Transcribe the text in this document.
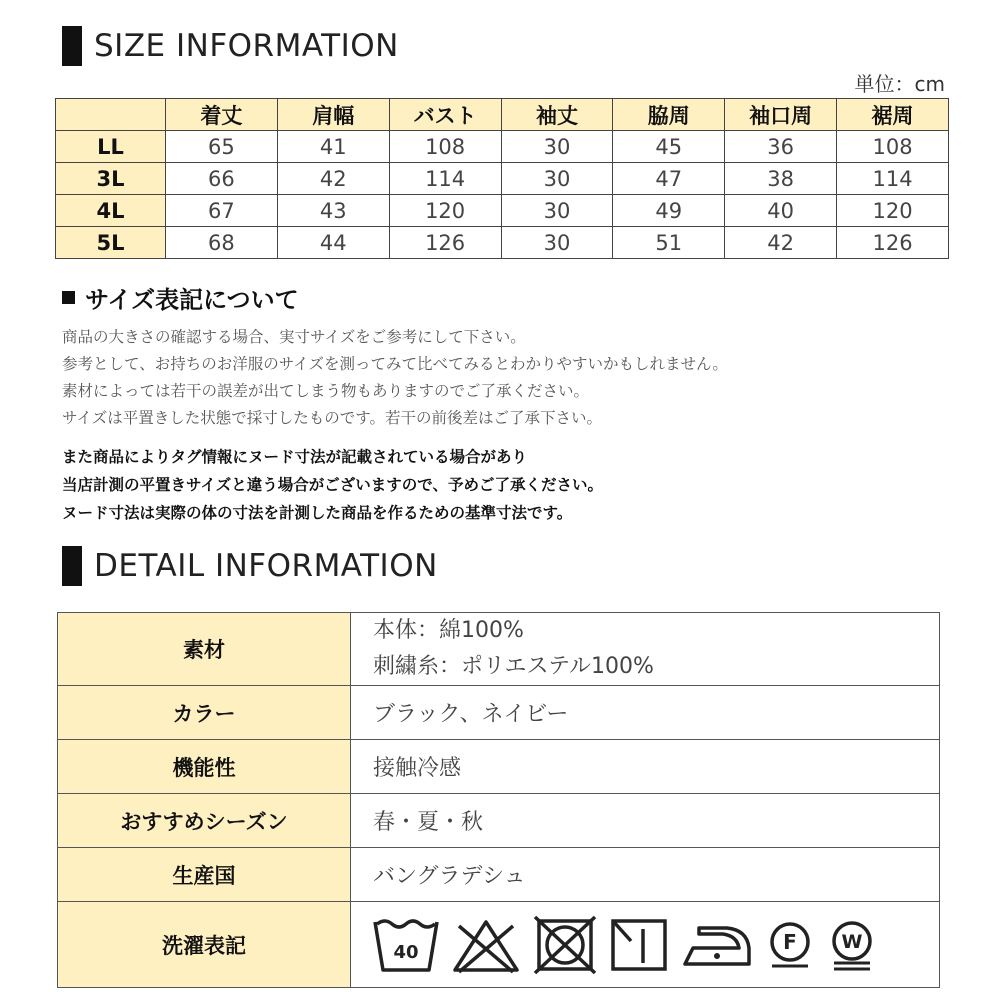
SIZE INFORMATION
単位：cm
	着丈	肩幅	バスト	袖丈	脇周	袖口周	裾周
LL	65	41	108	30	45	36	108
3L	66	42	114	30	47	38	114
4L	67	43	120	30	49	40	120
5L	68	44	126	30	51	42	126
サイズ表記について
商品の大きさの確認する場合、実寸サイズをご参考にして下さい。
参考として、お持ちのお洋服のサイズを測ってみて比べてみるとわかりやすいかもしれません。
素材によっては若干の誤差が出てしまう物もありますのでご了承ください。
サイズは平置きした状態で採寸したものです。若干の前後差はご了承下さい。
また商品によりタグ情報にヌード寸法が記載されている場合があり
当店計測の平置きサイズと違う場合がございますので、予めご了承ください。
ヌード寸法は実際の体の寸法を計測した商品を作るための基準寸法です。
DETAIL INFORMATION
素材	本体：綿100%
刺繍糸：ポリエステル100%

カラー	ブラック、ネイビー
機能性	接触冷感
おすすめシーズン	春・夏・秋
生産国	バングラデシュ
洗濯表記	40 F W
